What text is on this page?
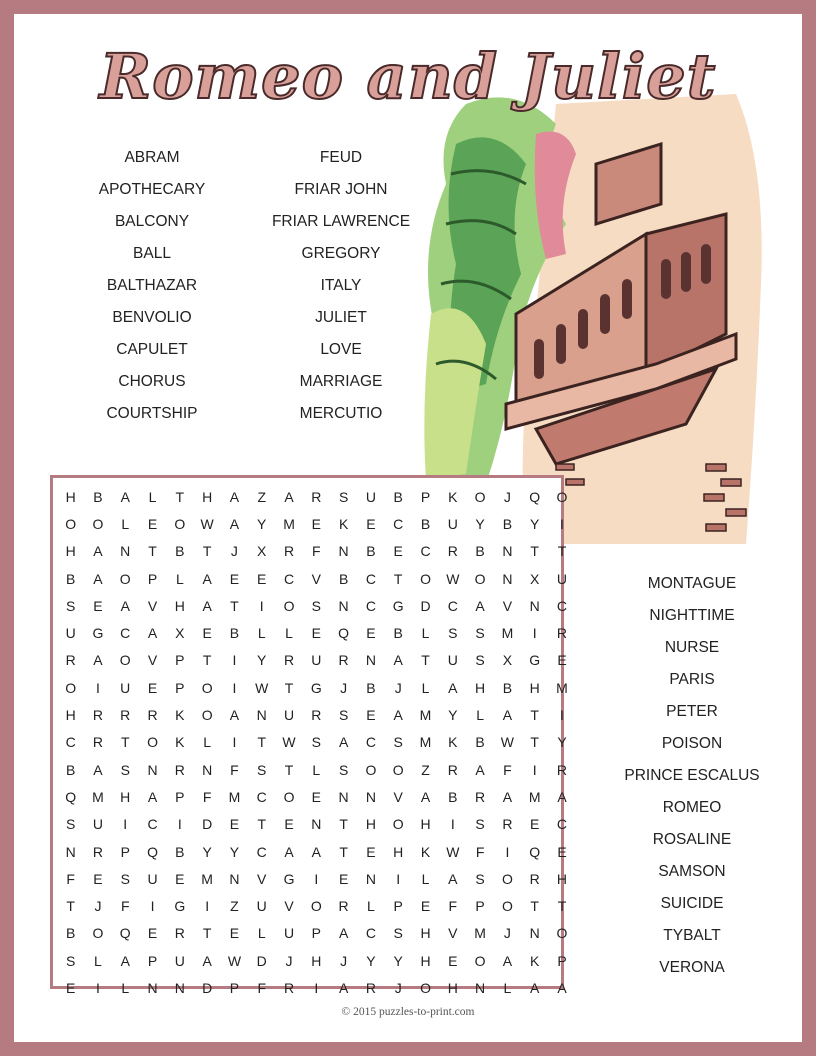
Romeo and Juliet
ABRAM
APOTHECARY
BALCONY
BALL
BALTHAZAR
BENVOLIO
CAPULET
CHORUS
COURTSHIP
FEUD
FRIAR JOHN
FRIAR LAWRENCE
GREGORY
ITALY
JULIET
LOVE
MARRIAGE
MERCUTIO
MONTAGUE
NIGHTTIME
NURSE
PARIS
PETER
POISON
PRINCE ESCALUS
ROMEO
ROSALINE
SAMSON
SUICIDE
TYBALT
VERONA
H	B	A	L	T	H	A	Z	A	R	S	U	B	P	K	O	J	Q	O
O	O	L	E	O	W	A	Y	M	E	K	E	C	B	U	Y	B	Y	I
H	A	N	T	B	T	J	X	R	F	N	B	E	C	R	B	N	T	T
B	A	O	P	L	A	E	E	C	V	B	C	T	O	W	O	N	X	U
S	E	A	V	H	A	T	I	O	S	N	C	G	D	C	A	V	N	C
U	G	C	A	X	E	B	L	L	E	Q	E	B	L	S	S	M	I	R
R	A	O	V	P	T	I	Y	R	U	R	N	A	T	U	S	X	G	E
O	I	U	E	P	O	I	W	T	G	J	B	J	L	A	H	B	H	M
H	R	R	R	K	O	A	N	U	R	S	E	A	M	Y	L	A	T	I
C	R	T	O	K	L	I	T	W	S	A	C	S	M	K	B	W	T	Y
B	A	S	N	R	N	F	S	T	L	S	O	O	Z	R	A	F	I	R
Q	M	H	A	P	F	M	C	O	E	N	N	V	A	B	R	A	M	A
S	U	I	C	I	D	E	T	E	N	T	H	O	H	I	S	R	E	C
N	R	P	Q	B	Y	Y	C	A	A	T	E	H	K	W	F	I	Q	E
F	E	S	U	E	M	N	V	G	I	E	N	I	L	A	S	O	R	H
T	J	F	I	G	I	Z	U	V	O	R	L	P	E	F	P	O	T	T
B	O	Q	E	R	T	E	L	U	P	A	C	S	H	V	M	J	N	O
S	L	A	P	U	A	W	D	J	H	J	Y	Y	H	E	O	A	K	P
E	I	L	N	N	D	P	F	R	I	A	R	J	O	H	N	L	A	A
© 2015 puzzles-to-print.com
